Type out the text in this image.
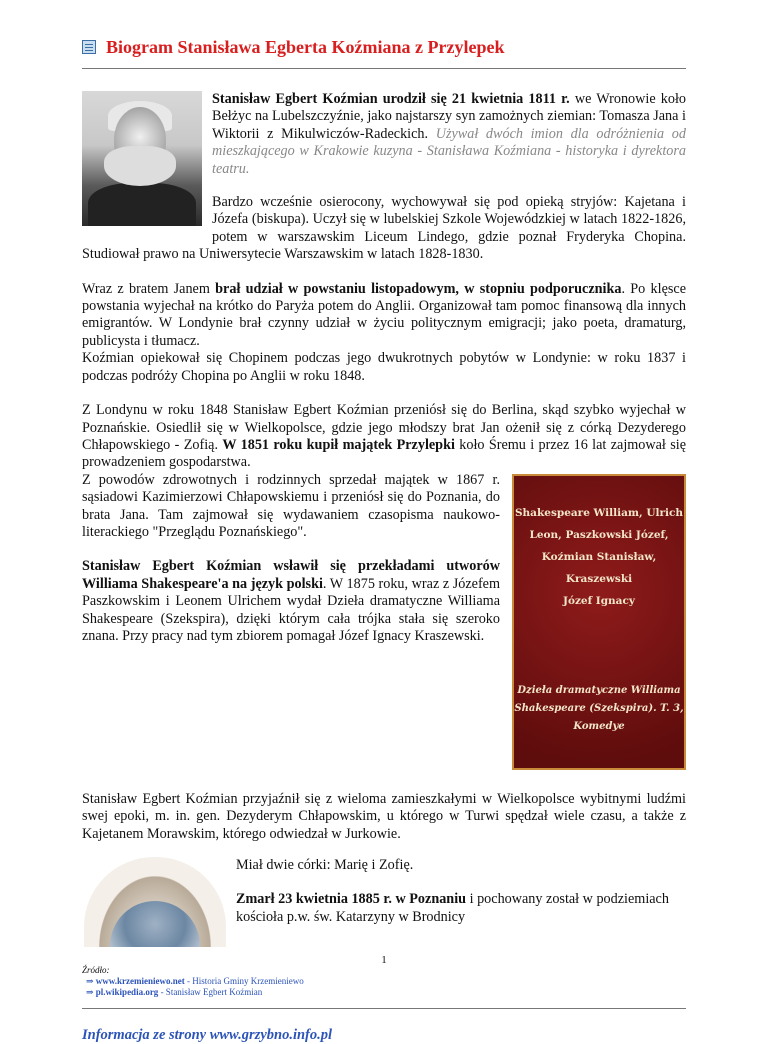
Biogram Stanisława Egberta Koźmiana z Przylepek

Stanisław Egbert Koźmian urodził się 21 kwietnia 1811 r. we Wronowie koło Bełżyc na Lubelszczyźnie, jako najstarszy syn zamożnych ziemian: Tomasza Jana i Wiktorii z Mikulwiczów-Radeckich. Używał dwóch imion dla odróżnienia od mieszkającego w Krakowie kuzyna - Stanisława Koźmiana - historyka i dyrektora teatru.

Bardzo wcześnie osierocony, wychowywał się pod opieką stryjów: Kajetana i Józefa (biskupa). Uczył się w lubelskiej Szkole Wojewódzkiej w latach 1822-1826, potem w warszawskim Liceum Lindego, gdzie poznał Fryderyka Chopina. Studiował prawo na Uniwersytecie Warszawskim w latach 1828-1830.

Wraz z bratem Janem brał udział w powstaniu listopadowym, w stopniu podporucznika. Po klęsce powstania wyjechał na krótko do Paryża potem do Anglii. Organizował tam pomoc finansową dla innych emigrantów. W Londynie brał czynny udział w życiu politycznym emigracji; jako poeta, dramaturg, publicysta i tłumacz.
Koźmian opiekował się Chopinem podczas jego dwukrotnych pobytów w Londynie: w roku 1837 i podczas podróży Chopina po Anglii w roku 1848.

Z Londynu w roku 1848 Stanisław Egbert Koźmian przeniósł się do Berlina, skąd szybko wyjechał w Poznańskie. Osiedlił się w Wielkopolsce, gdzie jego młodszy brat Jan ożenił się z córką Dezyderego Chłapowskiego - Zofią. W 1851 roku kupił majątek Przylepki koło Śremu i przez 16 lat zajmował się prowadzeniem gospodarstwa.

Shakespeare William, Ulrich
Leon, Paszkowski Józef,
Koźmian Stanisław, Kraszewski
Józef Ignacy
Dzieła dramatyczne Williama
Shakespeare (Szekspira). T. 3,
Komedye

Z powodów zdrowotnych i rodzinnych sprzedał majątek w 1867 r. sąsiadowi Kazimierzowi Chłapowskiemu i przeniósł się do Poznania, do brata Jana. Tam zajmował się wydawaniem czasopisma naukowo-literackiego "Przeglądu Poznańskiego".

Stanisław Egbert Koźmian wsławił się przekładami utworów Williama Shakespeare'a na język polski. W 1875 roku, wraz z Józefem Paszkowskim i Leonem Ulrichem wydał Dzieła dramatyczne Williama Shakespeare (Szekspira), dzięki którym cała trójka stała się szeroko znana. Przy pracy nad tym zbiorem pomagał Józef Ignacy Kraszewski.

Stanisław Egbert Koźmian przyjaźnił się z wieloma zamieszkałymi w Wielkopolsce wybitnymi ludźmi swej epoki, m. in. gen. Dezyderym Chłapowskim, u którego w Turwi spędzał wiele czasu, a także z Kajetanem Morawskim, którego odwiedzał w Jurkowie.

Miał dwie córki: Marię i Zofię.

Zmarł 23 kwietnia 1885 r. w Poznaniu i pochowany został w podziemiach kościoła p.w. św. Katarzyny w Brodnicy

Źródło:
⇒ www.krzemieniewo.net - Historia Gminy Krzemieniewo
⇒ pl.wikipedia.org - Stanisław Egbert Koźmian
Informacja ze strony www.grzybno.info.pl
1
